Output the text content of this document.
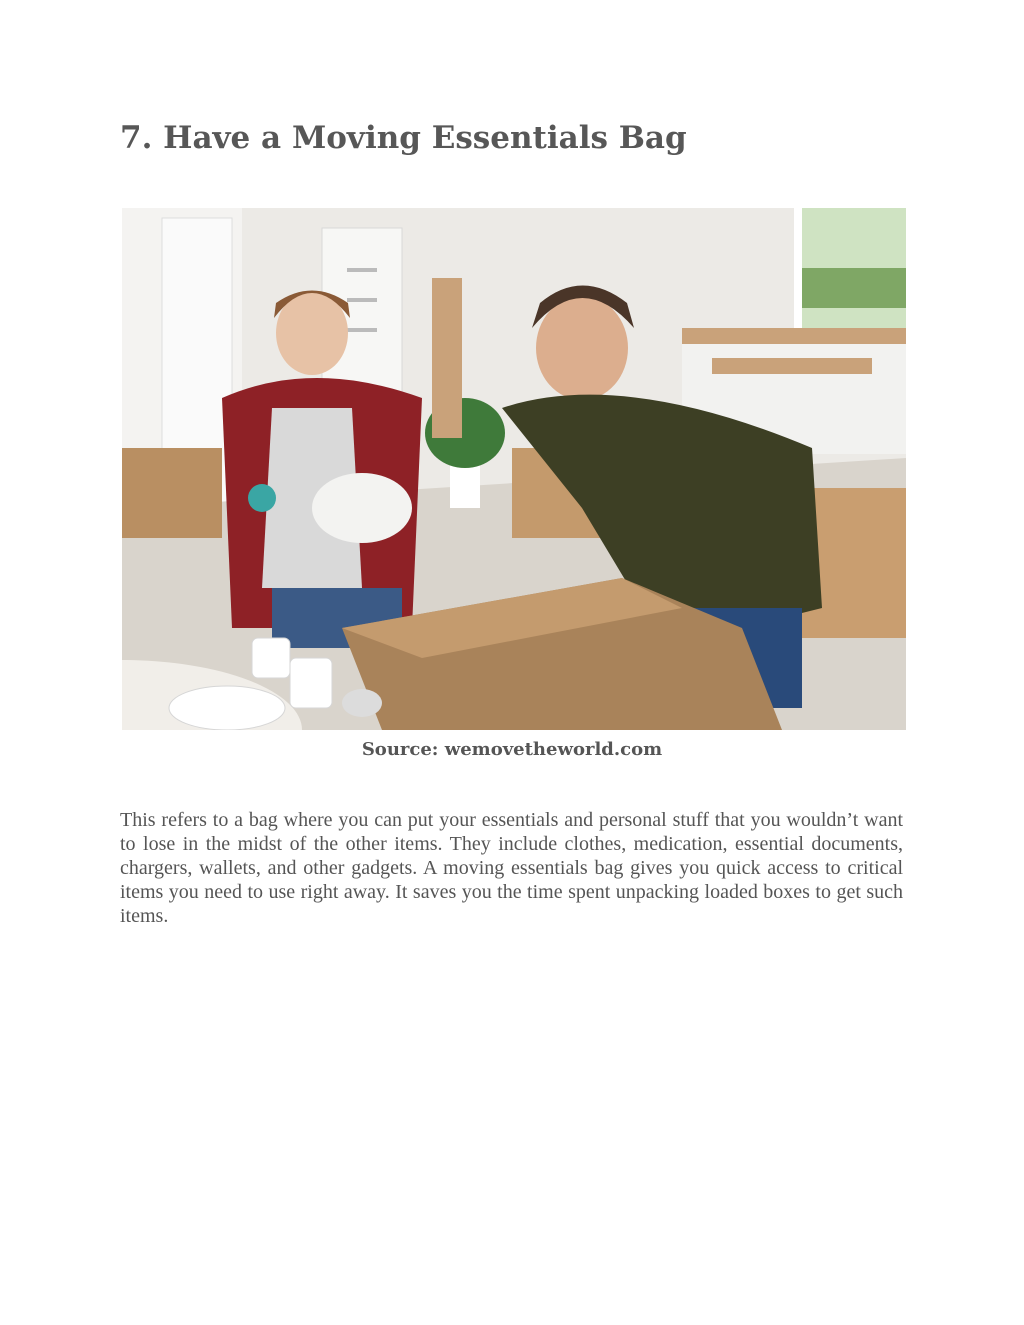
7. Have a Moving Essentials Bag
Source: wemovetheworld.com

This refers to a bag where you can put your essentials and personal stuff that you wouldn’t want to lose in the midst of the other items. They include clothes, medication, essential documents, chargers, wallets, and other gadgets. A moving essentials bag gives you quick access to critical items you need to use right away. It saves you the time spent unpacking loaded boxes to get such items.
